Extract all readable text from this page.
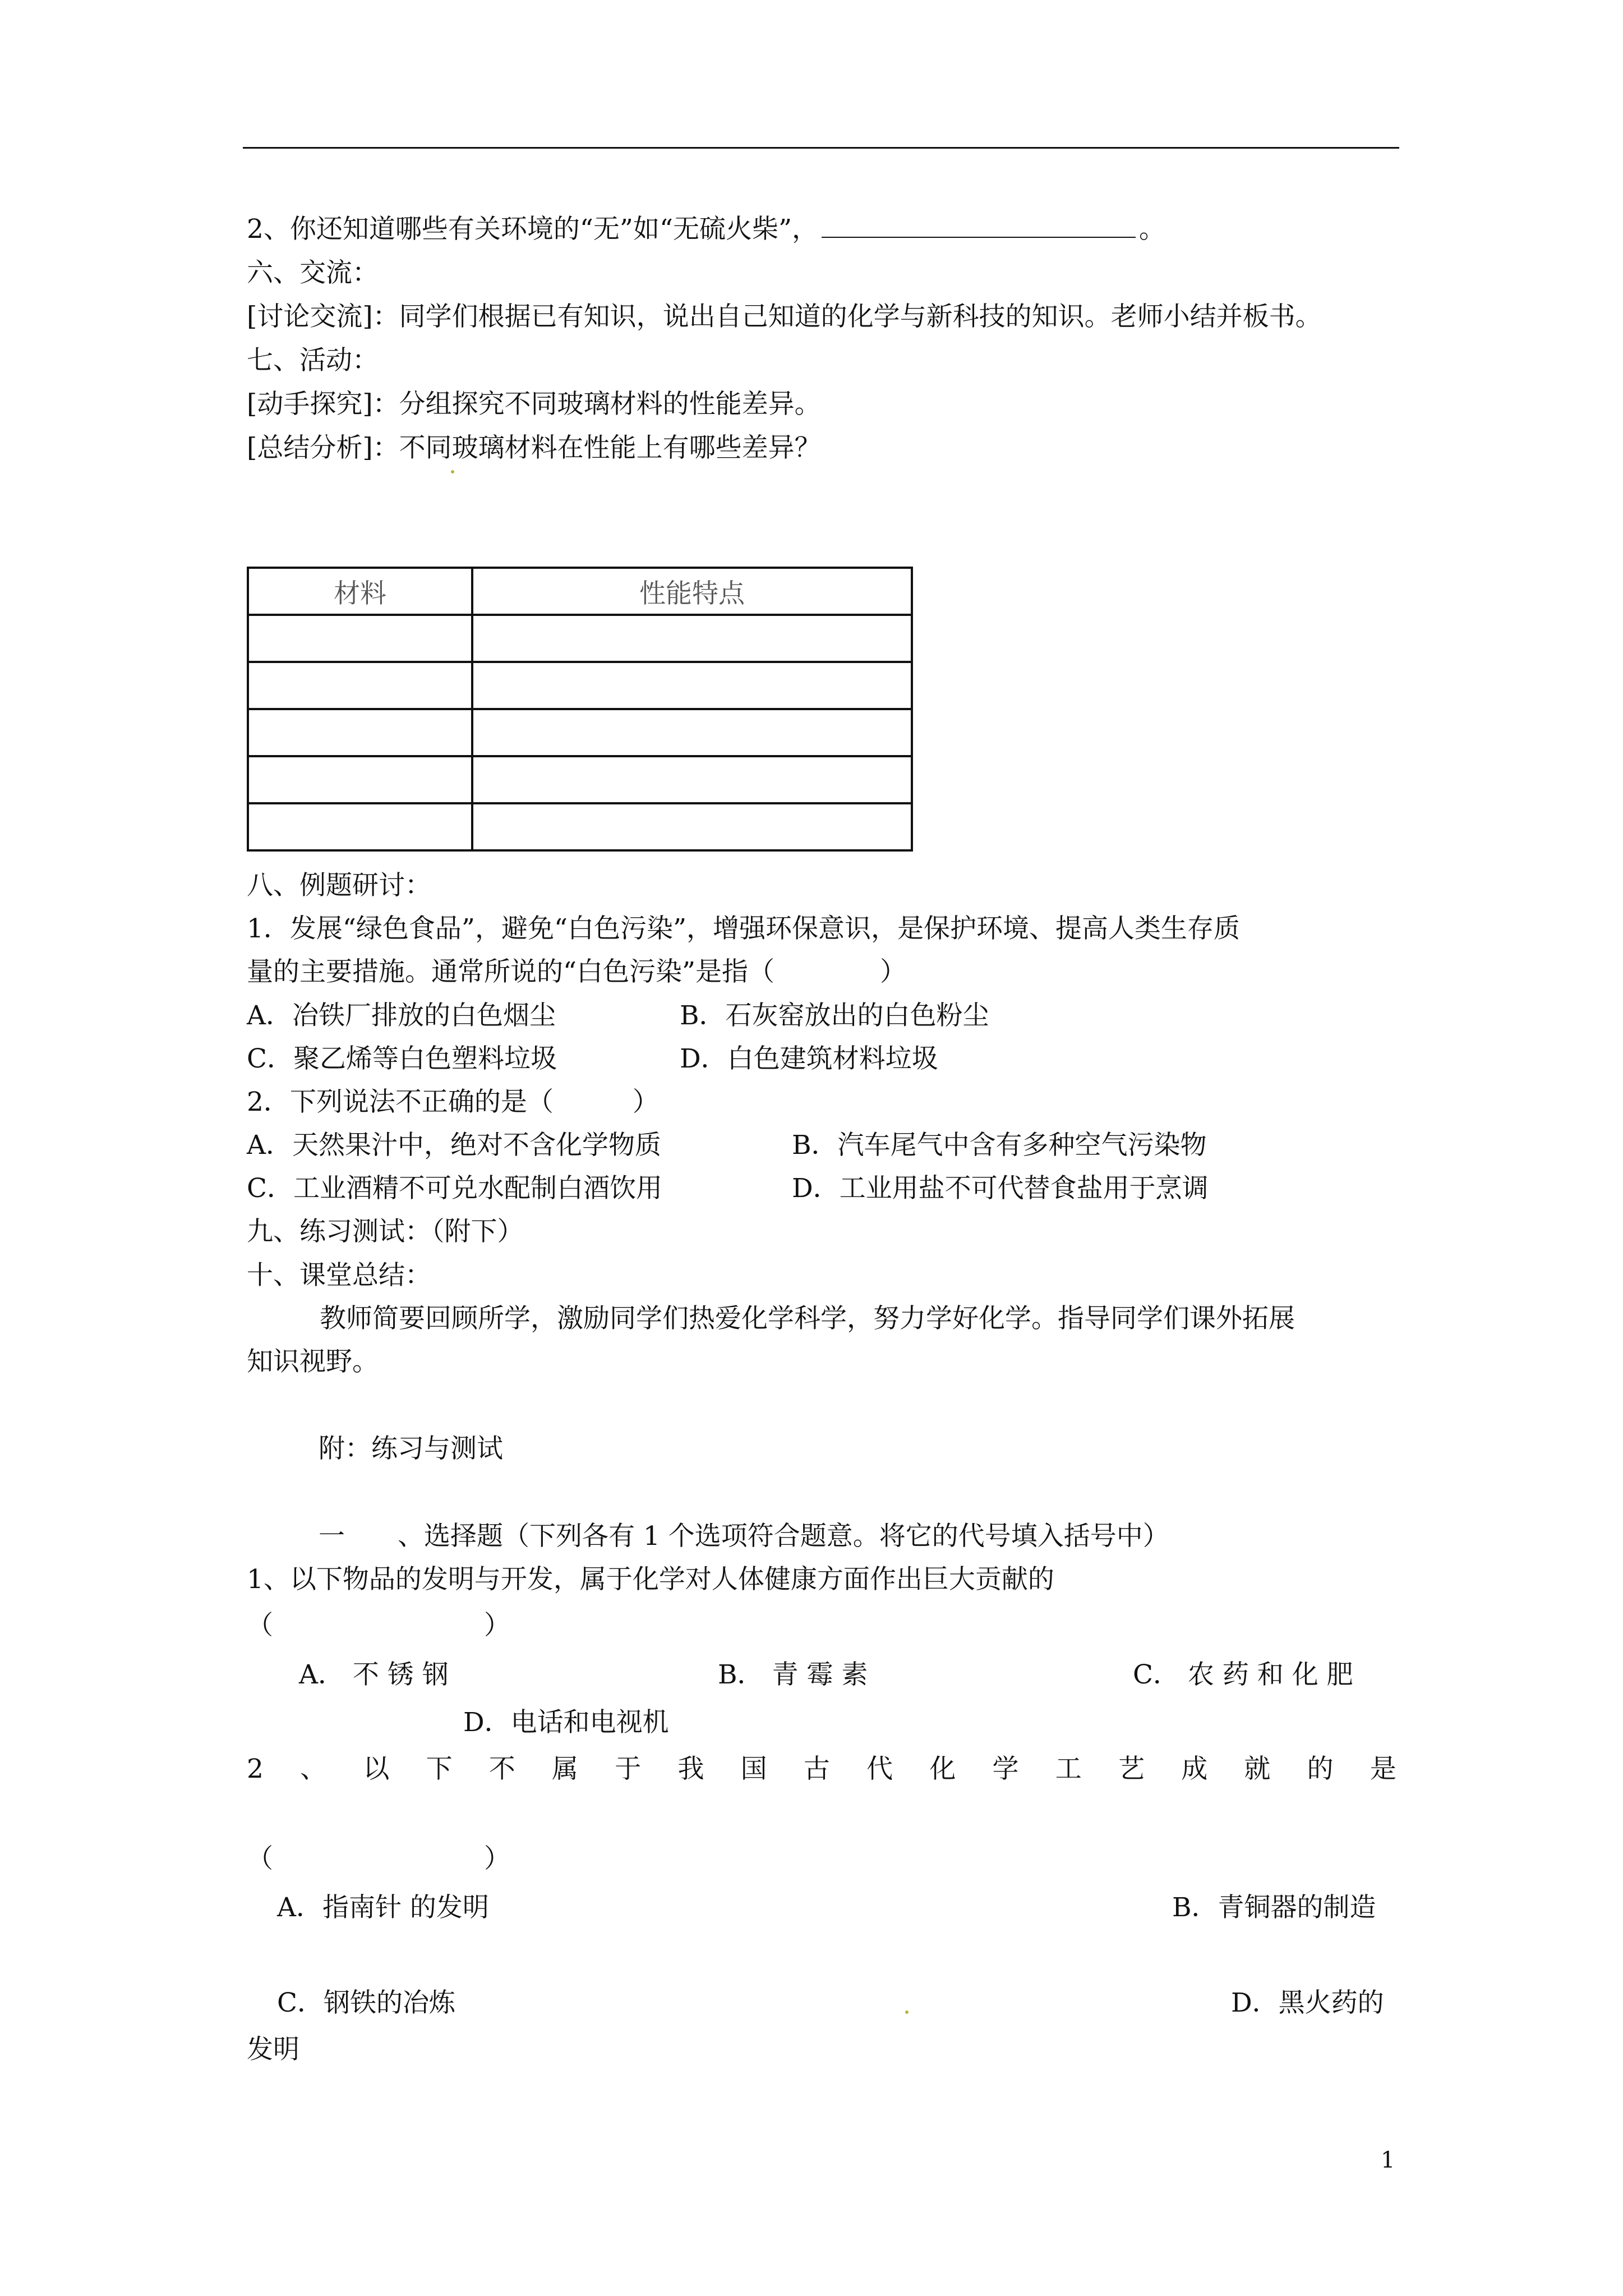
2、你还知道哪些有关环境的“无”如“无硫火柴”，	。
六、交流：
[讨论交流]：同学们根据已有知识，说出自己知道的化学与新科技的知识。老师小结并板书。
七、活动：
[动手探究]：分组探究不同玻璃材料的性能差异。
[总结分析]：不同玻璃材料在性能上有哪些差异？
材料	性能特点

八、例题研讨：
1．发展“绿色食品”，避免“白色污染”，增强环保意识，是保护环境、提高人类生存质
量的主要措施。通常所说的“白色污染”是指（　　　　）
A．冶铁厂排放的白色烟尘	B．石灰窑放出的白色粉尘
C．聚乙烯等白色塑料垃圾	D．白色建筑材料垃圾
2．下列说法不正确的是（　　　）
A．天然果汁中，绝对不含化学物质	B．汽车尾气中含有多种空气污染物
C．工业酒精不可兑水配制白酒饮用	D．工业用盐不可代替食盐用于烹调
九、练习测试：（附下）
十、课堂总结：
教师简要回顾所学，激励同学们热爱化学科学，努力学好化学。指导同学们课外拓展
知识视野。
附：练习与测试
一　　、选择题（下列各有 1 个选项符合题意。将它的代号填入括号中）
1、以下物品的发明与开发，属于化学对人体健康方面作出巨大贡献的
（　　　　　　　　）
A． 不 锈 钢	B． 青 霉 素	C． 农 药 和 化 肥
D．电话和电视机
2 、 以 下 不 属 于 我 国 古 代 化 学 工 艺 成 就 的 是
（　　　　　　　　）
A．指南针 的发明	B．青铜器的制造
C．钢铁的冶炼	D．黑火药的
发明
1
